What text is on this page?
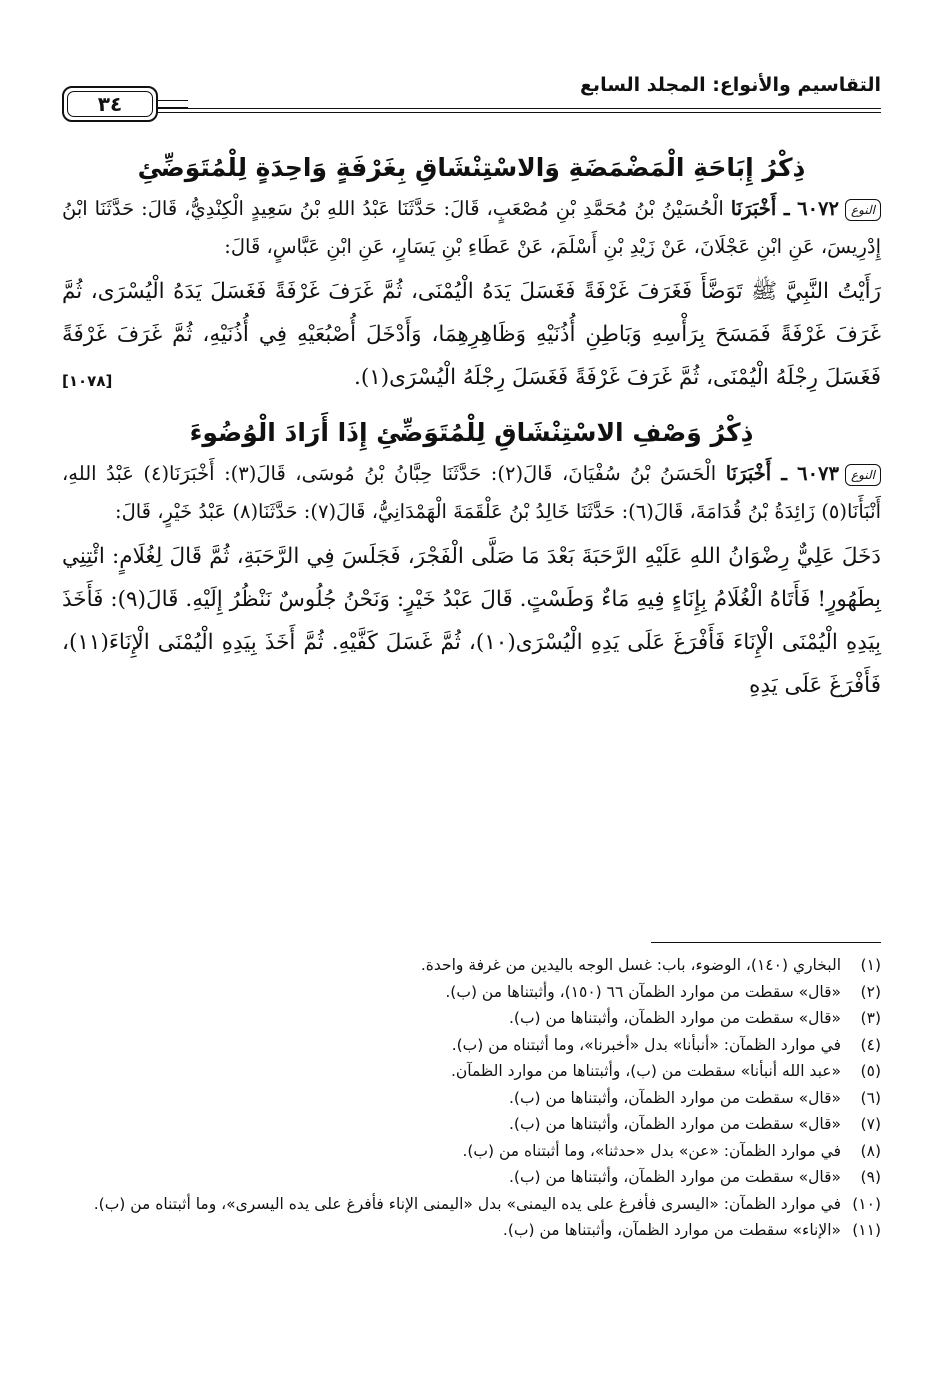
التقاسيم والأنواع: المجلد السابع
٣٤
ذِكْرُ إِبَاحَةِ الْمَضْمَضَةِ وَالاسْتِنْشَاقِ بِغَرْفَةٍ وَاحِدَةٍ لِلْمُتَوَضِّئِ

النوع٦٠٧٢ ـ أَخْبَرَنَا الْحُسَيْنُ بْنُ مُحَمَّدِ بْنِ مُصْعَبٍ، قَالَ: حَدَّثَنَا عَبْدُ اللهِ بْنُ سَعِيدٍ الْكِنْدِيُّ، قَالَ: حَدَّثَنَا ابْنُ إِدْرِيسَ، عَنِ ابْنِ عَجْلَانَ، عَنْ زَيْدِ بْنِ أَسْلَمَ، عَنْ عَطَاءِ بْنِ يَسَارٍ، عَنِ ابْنِ عَبَّاسٍ، قَالَ:

رَأَيْتُ النَّبِيَّ ﷺ تَوَضَّأَ فَغَرَفَ غَرْفَةً فَغَسَلَ يَدَهُ الْيُمْنَى، ثُمَّ غَرَفَ غَرْفَةً فَغَسَلَ يَدَهُ الْيُسْرَى، ثُمَّ غَرَفَ غَرْفَةً فَمَسَحَ بِرَأْسِهِ وَبَاطِنِ أُذُنَيْهِ وَظَاهِرِهِمَا، وَأَدْخَلَ أُصْبُعَيْهِ فِي أُذُنَيْهِ، ثُمَّ غَرَفَ غَرْفَةً فَغَسَلَ رِجْلَهُ الْيُمْنَى، ثُمَّ غَرَفَ غَرْفَةً فَغَسَلَ رِجْلَهُ الْيُسْرَى(١).
[١٠٧٨]

ذِكْرُ وَصْفِ الاسْتِنْشَاقِ لِلْمُتَوَضِّئِ إِذَا أَرَادَ الْوُضُوءَ

النوع٦٠٧٣ ـ أَخْبَرَنَا الْحَسَنُ بْنُ سُفْيَانَ، قَالَ(٢): حَدَّثَنَا حِبَّانُ بْنُ مُوسَى، قَالَ(٣): أَخْبَرَنَا(٤) عَبْدُ اللهِ، أَنْبَأَنَا(٥) زَائِدَةُ بْنُ قُدَامَةَ، قَالَ(٦): حَدَّثَنَا خَالِدُ بْنُ عَلْقَمَةَ الْهَمْدَانِيُّ، قَالَ(٧): حَدَّثَنَا(٨) عَبْدُ خَيْرٍ، قَالَ:

دَخَلَ عَلِيٌّ رِضْوَانُ اللهِ عَلَيْهِ الرَّحَبَةَ بَعْدَ مَا صَلَّى الْفَجْرَ، فَجَلَسَ فِي الرَّحَبَةِ، ثُمَّ قَالَ لِغُلَامٍ: ائْتِنِي بِطَهُورٍ! فَأَتَاهُ الْغُلَامُ بِإِنَاءٍ فِيهِ مَاءٌ وَطَسْتٍ. قَالَ عَبْدُ خَيْرٍ: وَنَحْنُ جُلُوسٌ نَنْظُرُ إِلَيْهِ. قَالَ(٩): فَأَخَذَ بِيَدِهِ الْيُمْنَى الْإِنَاءَ فَأَفْرَغَ عَلَى يَدِهِ الْيُسْرَى(١٠)، ثُمَّ غَسَلَ كَفَّيْهِ. ثُمَّ أَخَذَ بِيَدِهِ الْيُمْنَى الْإِنَاءَ(١١)، فَأَفْرَغَ عَلَى يَدِهِ

(١)
البخاري (١٤٠)، الوضوء، باب: غسل الوجه باليدين من غرفة واحدة.
(٢)
«قال» سقطت من موارد الظمآن ٦٦ (١٥٠)، وأثبتناها من (ب).
(٣)
«قال» سقطت من موارد الظمآن، وأثبتناها من (ب).
(٤)
في موارد الظمآن: «أنبأنا» بدل «أخبرنا»، وما أثبتناه من (ب).
(٥)
«عبد الله أنبأنا» سقطت من (ب)، وأثبتناها من موارد الظمآن.
(٦)
«قال» سقطت من موارد الظمآن، وأثبتناها من (ب).
(٧)
«قال» سقطت من موارد الظمآن، وأثبتناها من (ب).
(٨)
في موارد الظمآن: «عن» بدل «حدثنا»، وما أثبتناه من (ب).
(٩)
«قال» سقطت من موارد الظمآن، وأثبتناها من (ب).
(١٠)
في موارد الظمآن: «اليسرى فأفرغ على يده اليمنى» بدل «اليمنى الإناء فأفرغ على يده اليسرى»، وما أثبتناه من (ب).
(١١)
«الإناء» سقطت من موارد الظمآن، وأثبتناها من (ب).
